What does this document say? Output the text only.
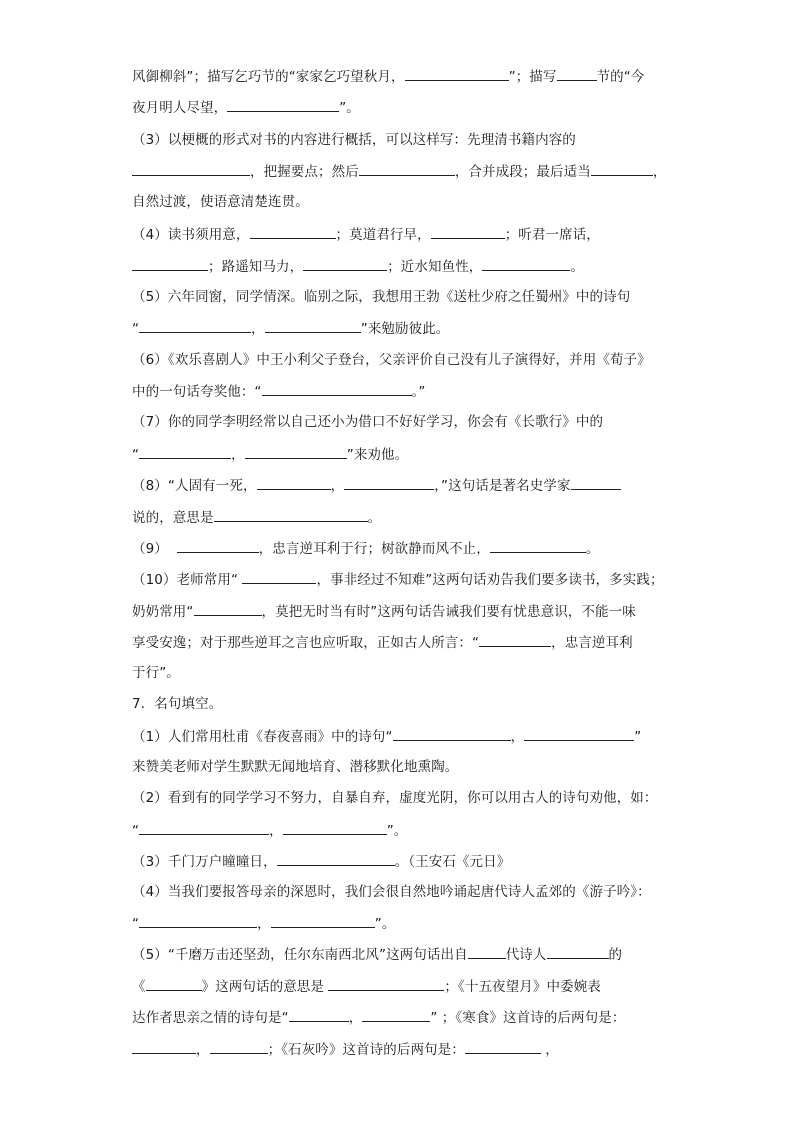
风御柳斜”；描写乞巧节的“家家乞巧望秋月，	”；描写	节的“今
夜月明人尽望，	”。
（3）以梗概的形式对书的内容进行概括，可以这样写：先理清书籍内容的
，把握要点；然后	，合并成段；最后适当	，
自然过渡，使语意清楚连贯。
（4）读书须用意，	；莫道君行早，	；听君一席话，
；路遥知马力，	；近水知鱼性，	。
（5）六年同窗，同学情深。临别之际，我想用王勃《送杜少府之任蜀州》中的诗句
“	，	”来勉励彼此。
（6）《欢乐喜剧人》中王小利父子登台，父亲评价自己没有儿子演得好，并用《荀子》
中的一句话夸奖他：“	。”
（7）你的同学李明经常以自己还小为借口不好好学习，你会有《长歌行》中的
“	，	”来劝他。
（8）“人固有一死，	，	，”这句话是著名史学家
说的，意思是	。
（9）	，忠言逆耳利于行；树欲静而风不止，	。
（10）老师常用“	，事非经过不知难”这两句话劝告我们要多读书，多实践；
奶奶常用“	，莫把无时当有时”这两句话告诫我们要有忧患意识，不能一味
享受安逸；对于那些逆耳之言也应听取，正如古人所言：“	，忠言逆耳利
于行”。
7．名句填空。
（1）人们常用杜甫《春夜喜雨》中的诗句“	，	”
来赞美老师对学生默默无闻地培育、潜移默化地熏陶。
（2）看到有的同学学习不努力，自暴自弃，虚度光阴，你可以用古人的诗句劝他，如：
“	，	”。
（3）千门万户曈曈日，	。（王安石《元日》
（4）当我们要报答母亲的深恩时，我们会很自然地吟诵起唐代诗人孟郊的《游子吟》：
“	，	”。
（5）“千磨万击还坚劲，任尔东南西北风”这两句话出自	代诗人	的
《	》这两句话的意思是	；《十五夜望月》中委婉表
达作者思亲之情的诗句是“	，	” ；《寒食》这首诗的后两句是：
，	；《石灰吟》这首诗的后两句是：	，
